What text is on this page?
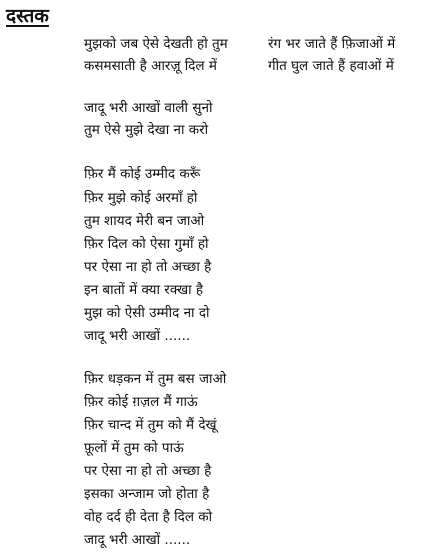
दस्तक
मुझको जब ऐसे देखती हो तुम
कसमसाती है आरज़ू दिल में
रंग भर जाते हैं फ़िजाओं में
गीत घुल जाते हैं हवाओं में
जादू भरी आखों वाली सुनो
तुम ऐसे मुझे देखा ना करो
फ़िर मैं कोई उम्मीद करूँ
फ़िर मुझे कोई अरमाँ हो
तुम शायद मेरी बन जाओ
फ़िर दिल को ऐसा गुमाँ हो
पर ऐसा ना हो तो अच्छा है
इन बातों में क्या रक्खा है
मुझ को ऐसी उम्मीद ना दो
जादू भरी आखों ......
फ़िर धड़कन में तुम बस जाओ
फ़िर कोई ग़ज़ल मैं गाऊं
फ़िर चान्द में तुम को मैं देखूं
फ़ूलों में तुम को पाऊं
पर ऐसा ना हो तो अच्छा है
इसका अन्जाम जो होता है
वोह दर्द ही देता है दिल को
जादू भरी आखों ......
